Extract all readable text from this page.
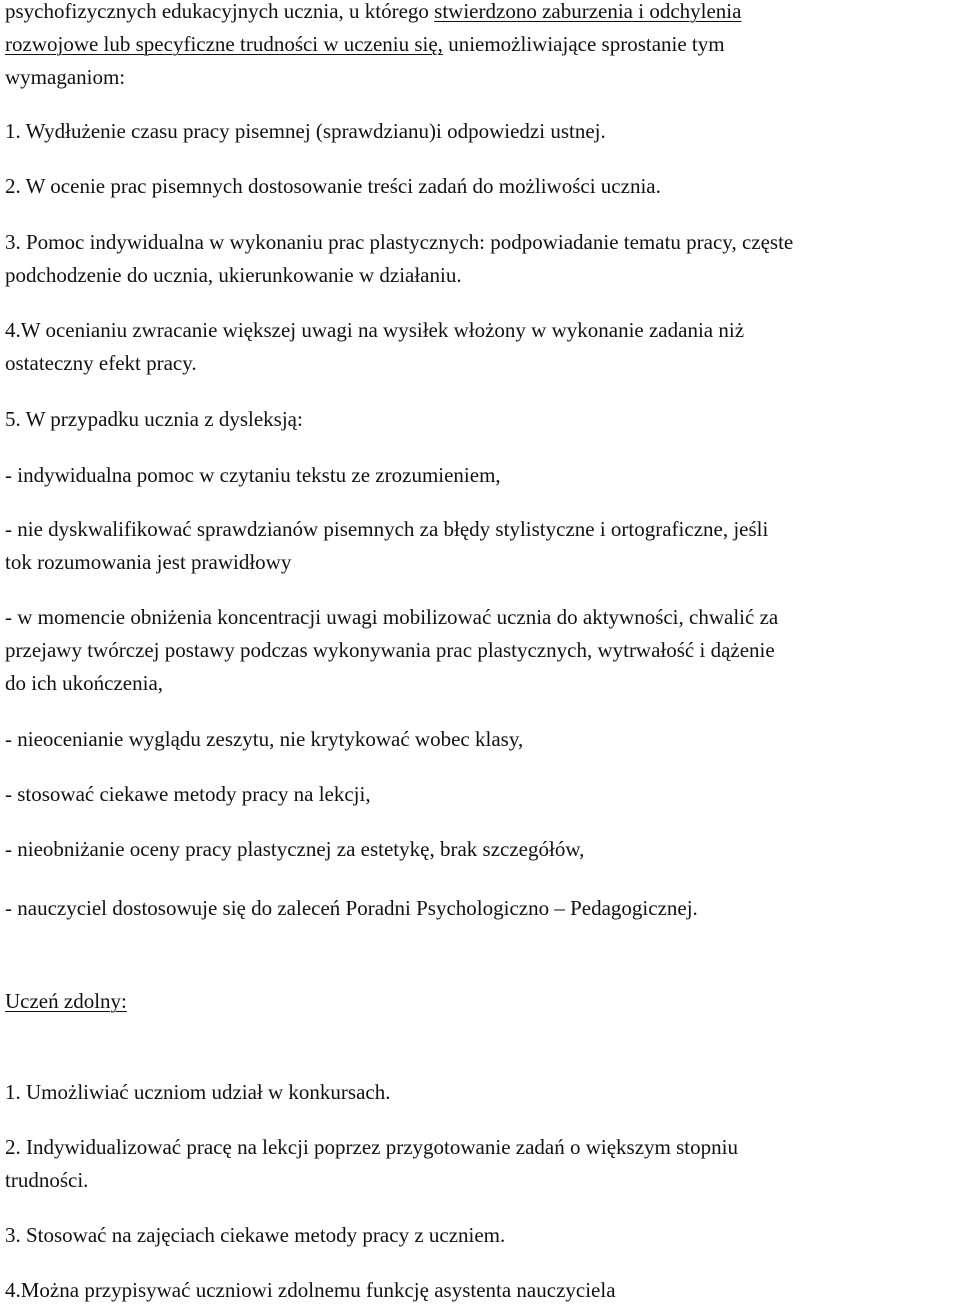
psychofizycznych edukacyjnych ucznia, u którego stwierdzono zaburzenia i odchylenia
rozwojowe lub specyficzne trudności w uczeniu się, uniemożliwiające sprostanie tym
wymaganiom:

1. Wydłużenie czasu pracy pisemnej (sprawdzianu)i odpowiedzi ustnej.

2. W ocenie prac pisemnych dostosowanie treści zadań do możliwości ucznia.

3. Pomoc indywidualna w wykonaniu prac plastycznych: podpowiadanie tematu pracy, częste
podchodzenie do ucznia, ukierunkowanie w działaniu.

4.W ocenianiu zwracanie większej uwagi na wysiłek włożony w wykonanie zadania niż
ostateczny efekt pracy.

5. W przypadku ucznia z dysleksją:

- indywidualna pomoc w czytaniu tekstu ze zrozumieniem,

- nie dyskwalifikować sprawdzianów pisemnych za błędy stylistyczne i ortograficzne, jeśli
tok rozumowania jest prawidłowy

- w momencie obniżenia koncentracji uwagi mobilizować ucznia do aktywności, chwalić za
przejawy twórczej postawy podczas wykonywania prac plastycznych, wytrwałość i dążenie
do ich ukończenia,

- nieocenianie wyglądu zeszytu, nie krytykować wobec klasy,

- stosować ciekawe metody pracy na lekcji,

- nieobniżanie oceny pracy plastycznej za estetykę, brak szczegółów,

- nauczyciel dostosowuje się do zaleceń Poradni Psychologiczno – Pedagogicznej.

Uczeń zdolny:

1. Umożliwiać uczniom udział w konkursach.

2. Indywidualizować pracę na lekcji poprzez przygotowanie zadań o większym stopniu
trudności.

3. Stosować na zajęciach ciekawe metody pracy z uczniem.

4.Można przypisywać uczniowi zdolnemu funkcję asystenta nauczyciela
